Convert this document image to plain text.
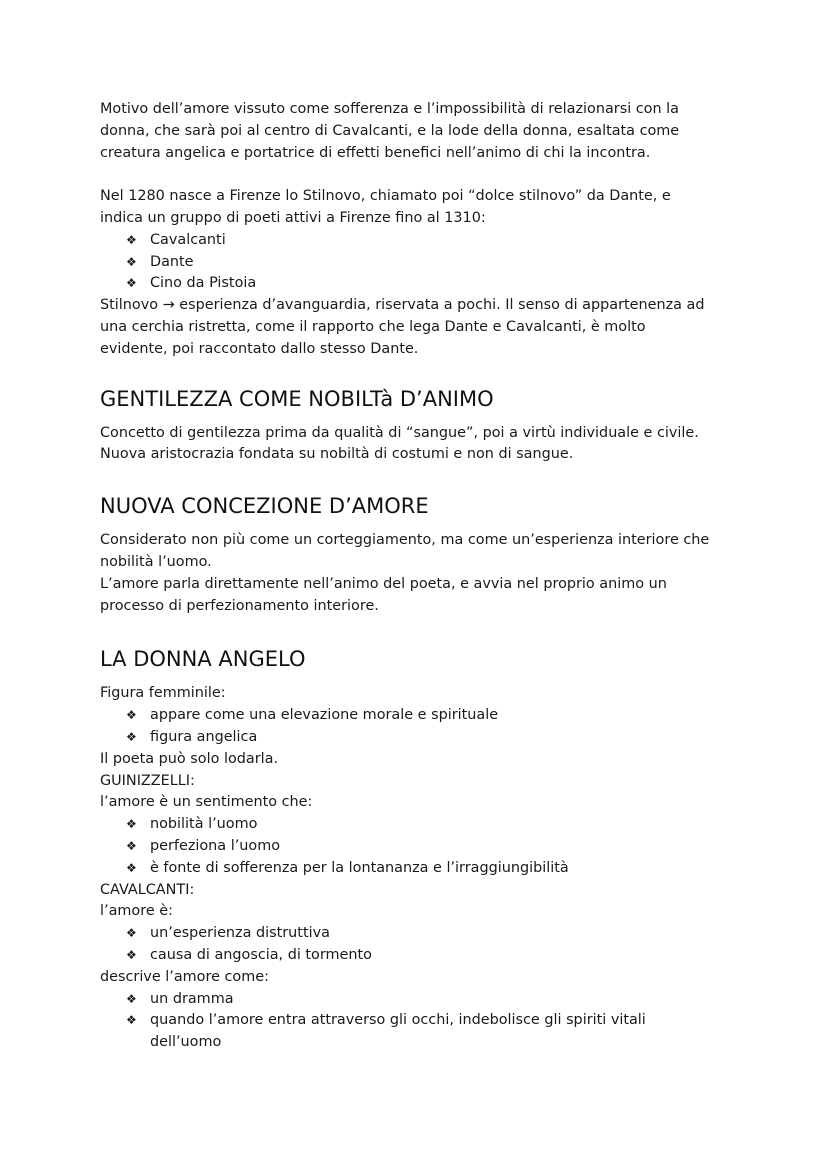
Motivo dell’amore vissuto come sofferenza e l’impossibilità di relazionarsi con la

donna, che sarà poi al centro di Cavalcanti, e la lode della donna, esaltata come

creatura angelica e portatrice di effetti benefici nell’animo di chi la incontra.

Nel 1280 nasce a Firenze lo Stilnovo, chiamato poi “dolce stilnovo” da Dante, e

indica un gruppo di poeti attivi a Firenze fino al 1310:

❖ Cavalcanti
❖ Dante
❖ Cino da Pistoia

Stilnovo → esperienza d’avanguardia, riservata a pochi. Il senso di appartenenza ad

una cerchia ristretta, come il rapporto che lega Dante e Cavalcanti, è molto

evidente, poi raccontato dallo stesso Dante.

GENTILEZZA COME NOBILTà D’ANIMO

Concetto di gentilezza prima da qualità di “sangue”, poi a virtù individuale e civile.

Nuova aristocrazia fondata su nobiltà di costumi e non di sangue.

NUOVA CONCEZIONE D’AMORE

Considerato non più come un corteggiamento, ma come un’esperienza interiore che

nobilità l’uomo.

L’amore parla direttamente nell’animo del poeta, e avvia nel proprio animo un

processo di perfezionamento interiore.

LA DONNA ANGELO

Figura femminile:

❖ appare come una elevazione morale e spirituale
❖ figura angelica

Il poeta può solo lodarla.

GUINIZZELLI:

l’amore è un sentimento che:

❖ nobilità l’uomo
❖ perfeziona l’uomo
❖ è fonte di sofferenza per la lontananza e l’irraggiungibilità

CAVALCANTI:

l’amore è:

❖ un’esperienza distruttiva
❖ causa di angoscia, di tormento

descrive l’amore come:

❖ un dramma
❖ quando l’amore entra attraverso gli occhi, indebolisce gli spiriti vitali
dell’uomo
